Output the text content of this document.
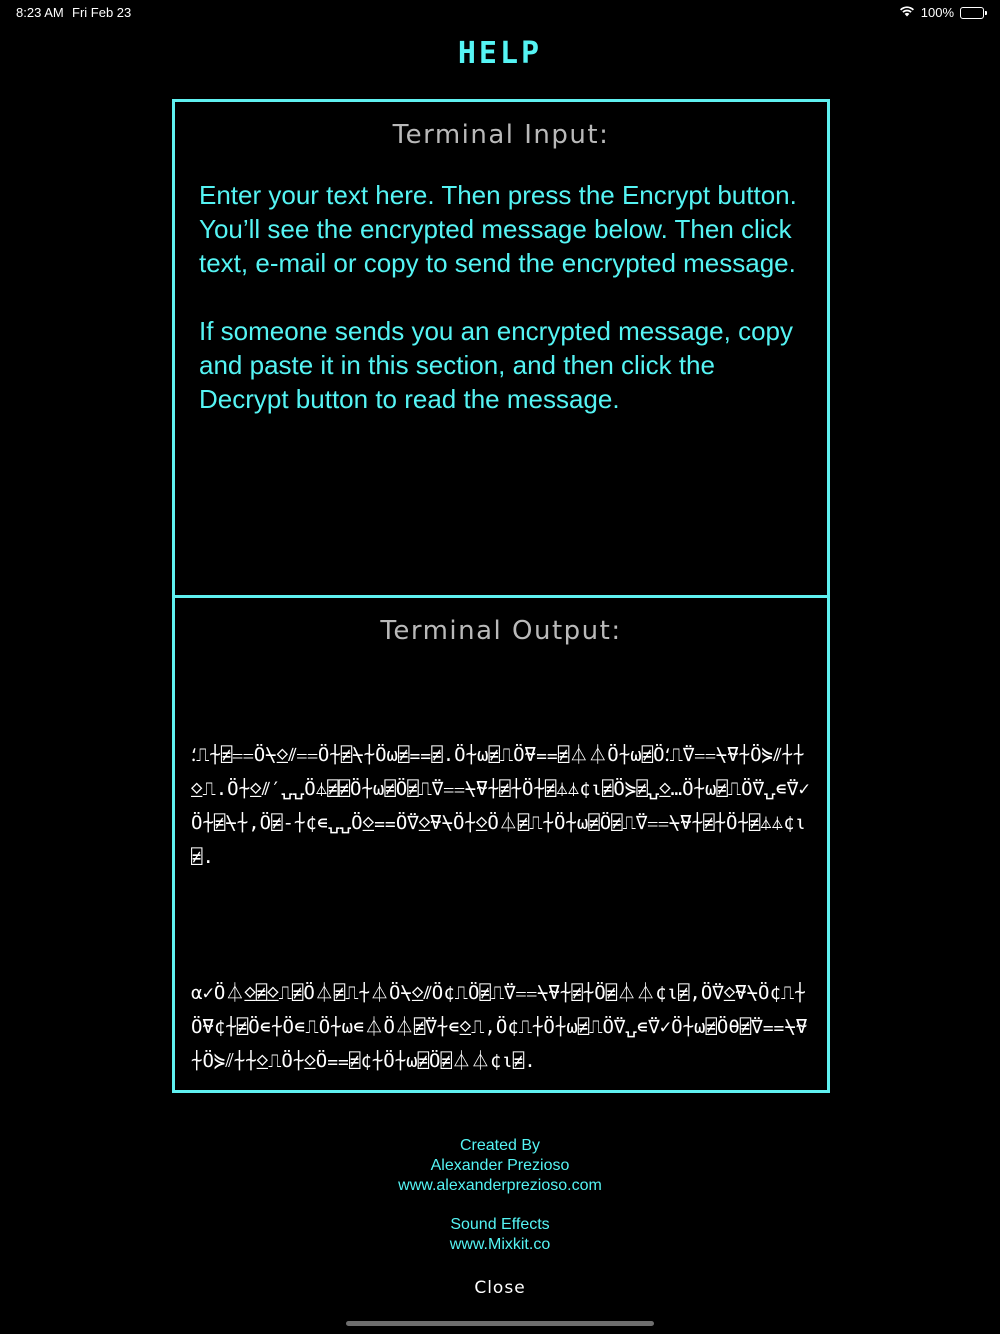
8:23 AM Fri Feb 23	100%
HELP
Terminal Input:

Enter your text here. Then press the Encrypt button. You’ll see the encrypted message below. Then click text, e-mail or copy to send the encrypted message.

If someone sends you an encrypted message, copy and paste it in this section, and then click the Decrypt button to read the message.

Terminal Output:

⸵⎍⍭⍯⩵Ö⍀⍚⫽⩵Ö⍭⍯⍀⍭Öω⍯⩵⍯.Ö⍭ω⍯⎍Ö⍫⩵⍯⏃⏃Ö⍭ω⍯Ö⸵⎍⍢⩵⍀⍫⍭Ö⋟⫽⍭⍭⍚⎍.Ö⍭⍚⫽′⍽⍽Ö⏃⍯⍯Ö⍭ω⍯Ö⍯⎍⍢⩵⍀⍫⍭⍯⍭Ö⍭⍯⏃⏃¢⍳⍯Ö⋟⍯⍽⍚…Ö⍭ω⍯⎍Ö⍢⍽∊⍢✓Ö⍭⍯⍀⍭,Ö⍯-⍭¢∊⍽⍽Ö⍚⩵Ö⍢⍚⍫⍀Ö⍭⍚Ö⏃⍯⎍⍭Ö⍭ω⍯Ö⍯⎍⍢⩵⍀⍫⍭⍯⍭Ö⍭⍯⏃⏃¢⍳⍯.

α✓Ö⏃⍚⍯⍚⎍⍯Ö⏃⍯⎍⍭⏃Ö⍀⍚⫽Ö¢⎍Ö⍯⎍⍢⩵⍀⍫⍭⍯⍭Ö⍯⏃⏃¢⍳⍯,Ö⍢⍚⍫⍀Ö¢⎍⍭Ö⍫¢⍭⍯Ö∊⍭Ö∊⎍Ö⍭ω∊⏃Ö⏃⍯⍢⍭∊⍚⎍,Ö¢⎍⍭Ö⍭ω⍯⎍Ö⍢⍽∊⍢✓Ö⍭ω⍯Öθ⍯⍢⩵⍀⍫⍭Ö⋟⫽⍭⍭⍚⎍Ö⍭⍚Ö⩵⍯¢⍭Ö⍭ω⍯Ö⍯⏃⏃¢⍳⍯.

Created By
Alexander Prezioso
www.alexanderprezioso.com
Sound Effects
www.Mixkit.co
Close
